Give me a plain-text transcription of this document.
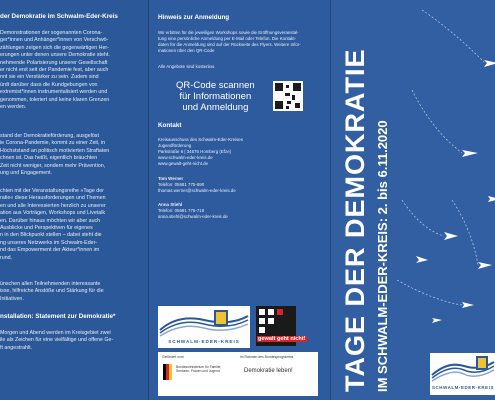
der Demokratie im Schwalm-Eder-Kreis
Demonstrationen der sogenannten Corona-
ger*innen und Anhänger*innen von Verschwö-
zählungen zeigen sich die gegenwärtigen Her-
erungen unter denen unsere Demokratie steht.
nehmende Polarisierung unserer Gesellschaft
er nicht erst seit der Pandemie fest, aber auch
nnt sie ein Verstärker zu sein. Zudem sind
ürdt darüber dass die Kundgebungen von
extremist*innen instrumentalisiert werden und
genommen, toleriert und keine klaren Grenzen
en werden.
stand der Demokratieförderung, ausgelöst
ie Corona-Pandemie, kommt zu einer Zeit, in
Höchststand an politisch motivierten Straftaten
chnen ist. Das heißt, eigentlich bräuchten
Zeit nicht weniger, sondern mehr Prävention,
ung und Engagement.
chten mit der Veranstaltungsreihe »Tage der
ratie« diese Herausforderungen und Themen
en und alle Interessierten herzlich zu unserer
ation aus Vorträgen, Workshops und Livetalk
en. Darüber hinaus möchten wir aber auch
Ausblicke und Perspektiven für eigenes
n in den Blickpunkt stellen – dabei steht die
ng unseres Netzwerks im Schwalm-Eder-
nd das Empowerment der Akteur*innen im
rund.
ünschen allen Teilnehmenden interessante
isse, hilfreiche Anstöße und Stärkung für die
Initiativen.
nstallation: Statement zur Demokratie*
Morgen und Abend werden im Kreisgebiet zwei
ile als Zeichen für eine vielfältige und offene Ge-
ft angestrahlt.
Hinweis zur Anmeldung
Wir erbitten für die jeweiligen Workshops sowie die Eröffnungsveranstal-
tung eine persönliche Anmeldung per E-Mail oder Telefon. Die Kontakt-
daten für die Anmeldung sind auf der Rückseite des Flyers. Weitere Infor-
mationen über den QR-Code
Alle Angebote sind kostenlos.
QR-Code scannen
für Informationen
und Anmeldung
Kontakt
Kreisausschuss des Schwalm-Eder-Kreises
Jugendförderung
Parkstraße 6 | 34576 Homberg (Efze)
www.schwalm-eder-kreis.de
www.gewalt-geht-nicht.de
Tom Werner
Telefon: 05681 775-690
thomas.werner@schwalm-eder-kreis.de
Anna Stiehl
Telefon: 05681 775-718
anna.stiehl@schwalm-eder-kreis.de
SCHWALM-EDER-KREIS	gewalt geht nicht!
Gefördert vom	im Rahmen des Bundesprogramms
Bundesministerium für Familie, Senioren, Frauen und Jugend	Demokratie leben! TAGE DER DEMOKRATIE IM SCHWALM-EDER-KREIS: 2. bis 6.11.2020	SCHWALM-EDER-KREIS
